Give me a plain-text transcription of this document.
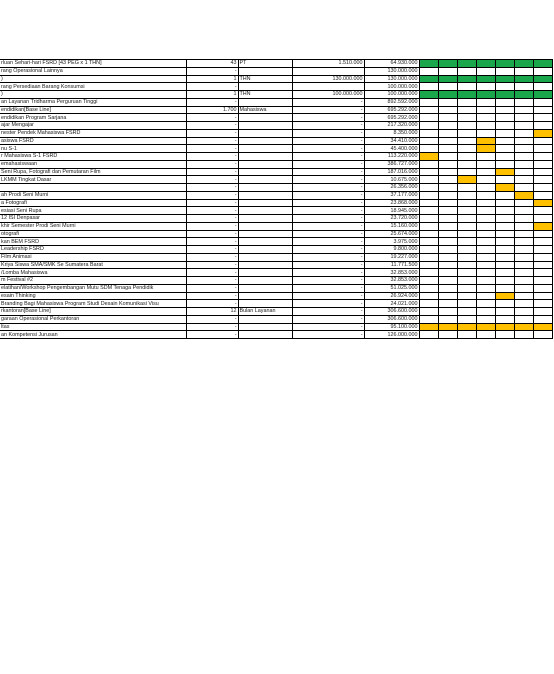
rluan Sehari-hari FSRD [43 PEG x 1 THN]	43	PT	1.510.000	64.930.000							
rang Operasional Lainnya	-			130.000.000							
)	1	THN	130.000.000	130.000.000							
rang Persediaan Barang Konsumsi	-			100.000.000							
)	1	THN	100.000.000	100.000.000							
an Layanan Tridharma Perguruan Tinggi	-		-	892.592.000							
endidikan[Base Line]	1.700	Mahasiswa	-	695.292.000							
endidikan Program Sarjana	-		-	695.292.000							
ajar Mengajar	-		-	217.320.000							
nester Pendek Mahasiswa FSRD	-		-	8.350.000							
asiswa FSRD	-		-	34.410.000							
nu S-1	-		-	45.400.000							
r Mahasiswa S-1 FSRD	-		-	113.220.000							
emahasiswaan	-		-	386.727.000							
Seni Rupa, Fotografi dan Pemutaran Film	-		-	187.016.000							
LKMM Tingkat Dasar	-		-	10.675.000							
	-		-	26.356.000							
ah Prodi Seni Murni	-		-	37.177.000							
a Fotografi	-		-	23.868.000							
esiasi Seni Rupa	-		-	18.945.000							
12 ISI Denpasar	-		-	23.720.000							
khir Semester Prodi Seni Murni	-		-	15.160.000							
otografi	-		-	25.674.000							
kan BEM FSRD	-		-	3.975.000							
Leadership FSRD	-		-	9.800.000							
Film Animasi	-		-	19.227.000							
Kriya Siswa SMA/SMK Se Sumatera Barat	-		-	11.771.500							
/Lomba Mahasiswa	-		-	32.853.000							
m Festival #2	-		-	32.853.000							
elatihan/Workshop Pengembangan Mutu SDM Tenaga Pendidik	-		-	51.025.000							
esain Thinking	-		-	26.924.000							
Branding Bagi Mahasiswa Program Studi Desain Komunikasi Visu	-		-	24.021.000							
rkantoran[Base Line]	12	Bulan Layanan	-	306.600.000							
garaan Operasional Perkantoran	-		-	306.600.000							
ltas	-		-	95.100.000							
an Kompetensi Jurusan	-		-	126.000.000							
